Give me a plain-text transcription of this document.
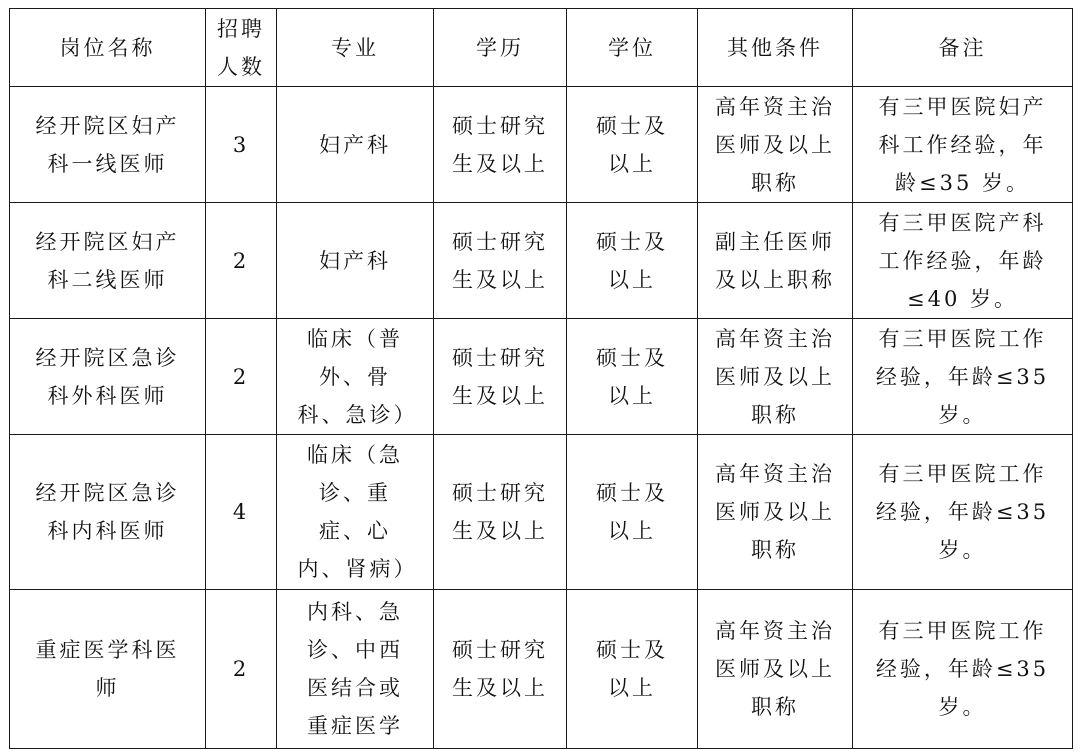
岗位名称	招聘人数	专业	学历	学位	其他条件	备注
经开院区妇产科一线医师	3	妇产科	硕士研究生及以上	硕士及以上	高年资主治医师及以上职称	有三甲医院妇产科工作经验，年龄≤35 岁。
经开院区妇产科二线医师	2	妇产科	硕士研究生及以上	硕士及以上	副主任医师及以上职称	有三甲医院产科工作经验，年龄≤40 岁。
经开院区急诊科外科医师	2	临床（普外、骨科、急诊）	硕士研究生及以上	硕士及以上	高年资主治医师及以上职称	有三甲医院工作经验，年龄≤35 岁。
经开院区急诊科内科医师	4	临床（急诊、重症、心内、肾病）	硕士研究生及以上	硕士及以上	高年资主治医师及以上职称	有三甲医院工作经验，年龄≤35 岁。
重症医学科医师	2	内科、急诊、中西医结合或重症医学	硕士研究生及以上	硕士及以上	高年资主治医师及以上职称	有三甲医院工作经验，年龄≤35 岁。
